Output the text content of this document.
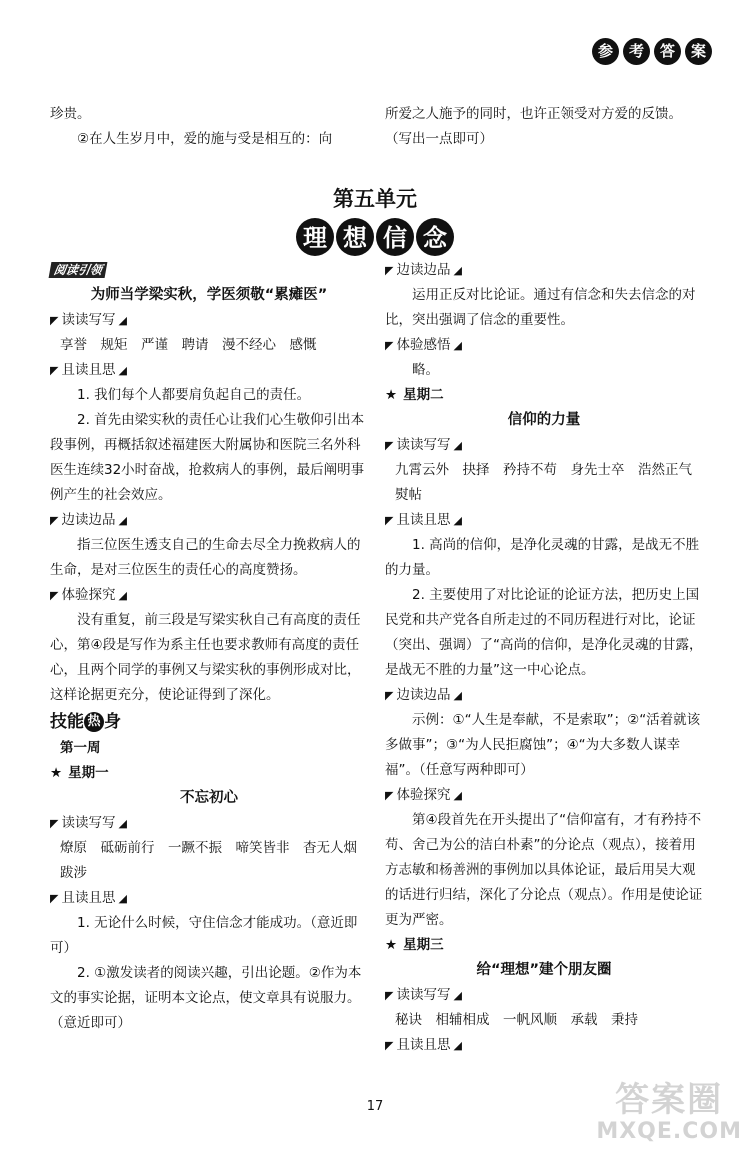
参	考	答	案

珍贵。

②在人生岁月中，爱的施与受是相互的：向

所爱之人施予的同时，也许正领受对方爱的反馈。

（写出一点即可）

第五单元
理 想 信 念
阅读引领

为师当学梁实秋，学医须敬“累瘫医”

◤ 读读写写 ◢

享誉　规矩　严谨　聘请　漫不经心　感慨

◤ 且读且思 ◢

1. 我们每个人都要肩负起自己的责任。

2. 首先由梁实秋的责任心让我们心生敬仰引出本段事例，再概括叙述福建医大附属协和医院三名外科医生连续32小时奋战，抢救病人的事例，最后阐明事例产生的社会效应。

◤ 边读边品 ◢

指三位医生透支自己的生命去尽全力挽救病人的生命，是对三位医生的责任心的高度赞扬。

◤ 体验探究 ◢

没有重复，前三段是写梁实秋自己有高度的责任心，第④段是写作为系主任也要求教师有高度的责任心，且两个同学的事例又与梁实秋的事例形成对比，这样论据更充分，使论证得到了深化。

技能 热 身

第一周

★ 星期一

不忘初心

◤ 读读写写 ◢

燎原　砥砺前行　一蹶不振　啼笑皆非　杳无人烟　跋涉

◤ 且读且思 ◢

1. 无论什么时候，守住信念才能成功。（意近即可）

2. ①激发读者的阅读兴趣，引出论题。②作为本文的事实论据，证明本文论点，使文章具有说服力。（意近即可）

◤ 边读边品 ◢

运用正反对比论证。通过有信念和失去信念的对比，突出强调了信念的重要性。

◤ 体验感悟 ◢

略。

★ 星期二

信仰的力量

◤ 读读写写 ◢

九霄云外　抉择　矜持不苟　身先士卒　浩然正气　熨帖

◤ 且读且思 ◢

1. 高尚的信仰，是净化灵魂的甘露，是战无不胜的力量。

2. 主要使用了对比论证的论证方法，把历史上国民党和共产党各自所走过的不同历程进行对比，论证（突出、强调）了“高尚的信仰，是净化灵魂的甘露，是战无不胜的力量”这一中心论点。

◤ 边读边品 ◢

示例：①“人生是奉献，不是索取”；②“活着就该多做事”；③“为人民拒腐蚀”；④“为大多数人谋幸福”。（任意写两种即可）

◤ 体验探究 ◢

第④段首先在开头提出了“信仰富有，才有矜持不苟、舍己为公的洁白朴素”的分论点（观点），接着用方志敏和杨善洲的事例加以具体论证，最后用吴大观的话进行归结，深化了分论点（观点）。作用是使论证更为严密。

★ 星期三

给“理想”建个朋友圈

◤ 读读写写 ◢

秘诀　相辅相成　一帆风顺　承载　秉持

◤ 且读且思 ◢

17	答案圈
MXQE.COM
